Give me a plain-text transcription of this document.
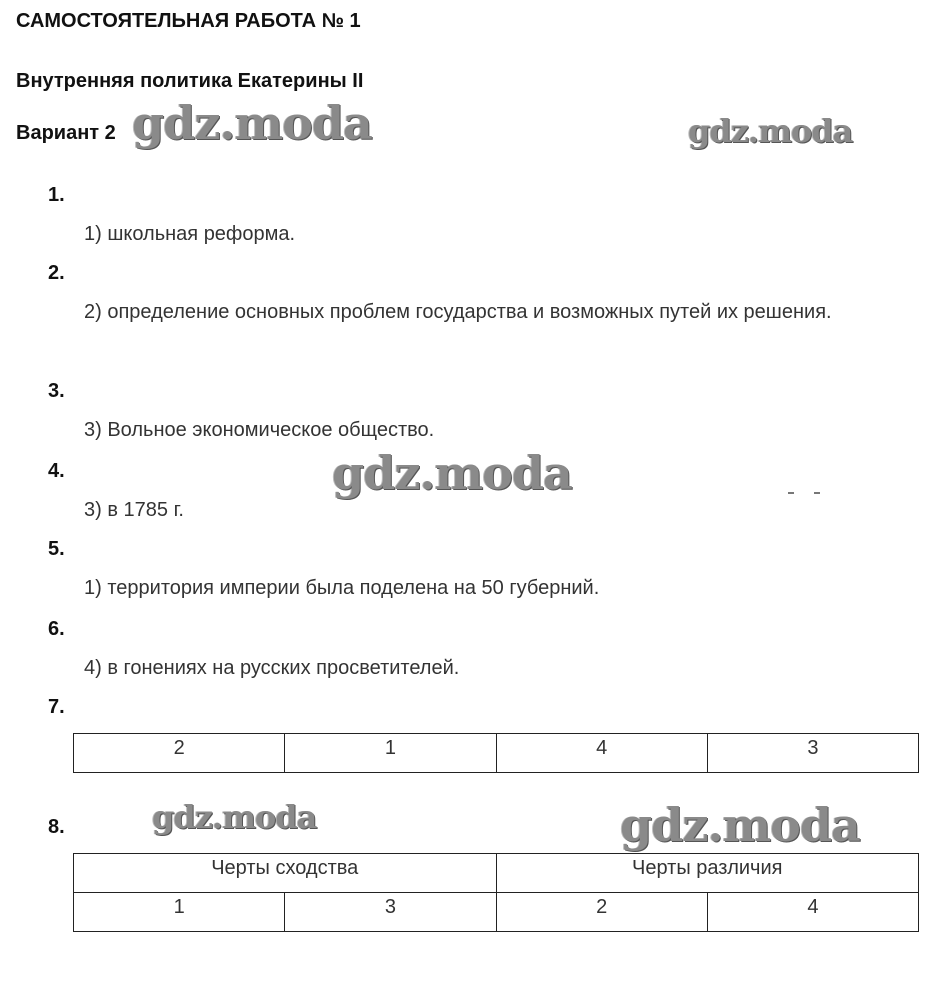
САМОСТОЯТЕЛЬНАЯ РАБОТА № 1
Внутренняя политика Екатерины II
Вариант 2 gdz.moda	gdz.moda
gdz.moda
gdz.moda	gdz.moda
1.
1) школьная реформа.
2.
2) определение основных проблем государства и возможных путей их решения.
3.
3) Вольное экономическое общество.
4.
3) в 1785 г.
5.
1) территория империи была поделена на 50 губерний.
6.
4) в гонениях на русских просветителей.
7.
2	1	4	3
8.
Черты сходства		Черты различия	
1	3	2	4
